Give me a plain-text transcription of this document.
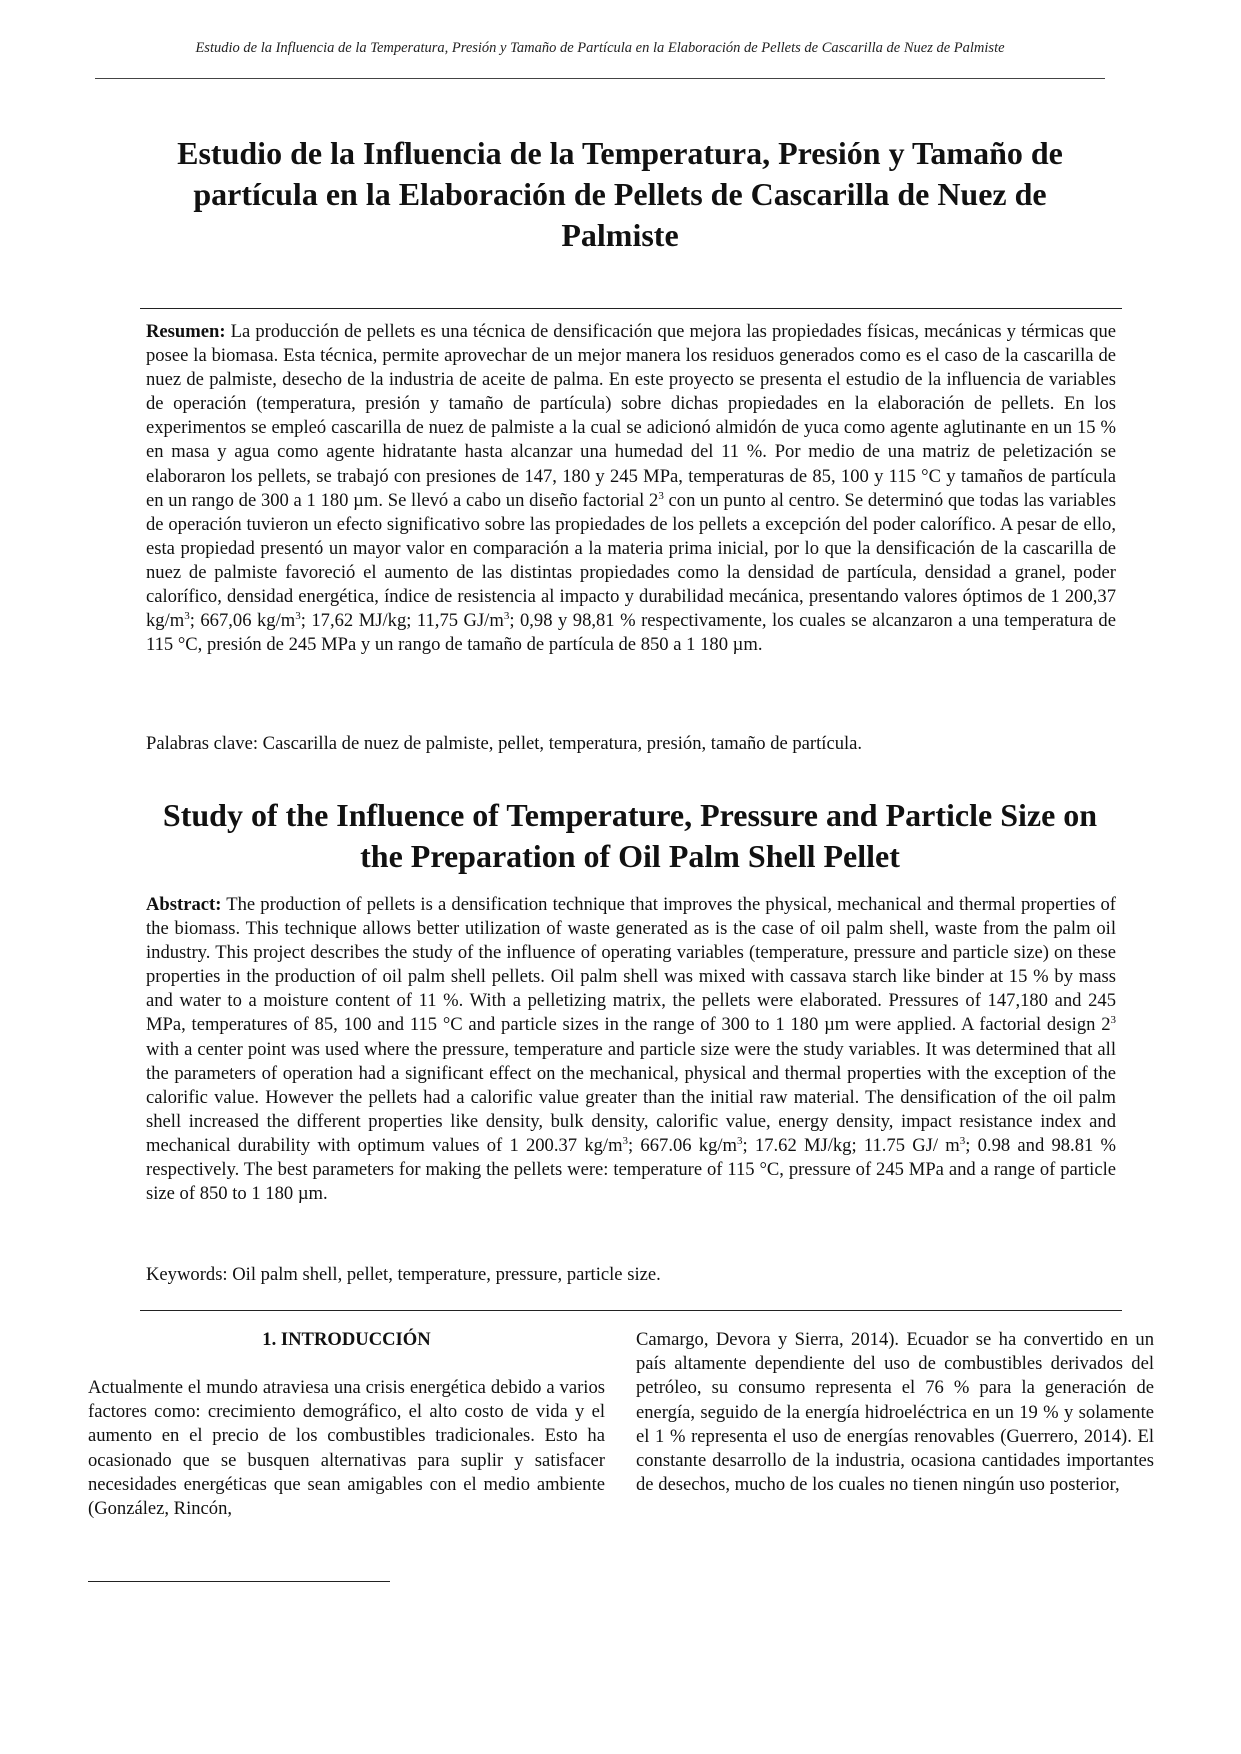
Estudio de la Influencia de la Temperatura, Presión y Tamaño de Partícula en la Elaboración de Pellets de Cascarilla de Nuez de Palmiste
Estudio de la Influencia de la Temperatura, Presión y Tamaño de partícula en la Elaboración de Pellets de Cascarilla de Nuez de Palmiste

Resumen: La producción de pellets es una técnica de densificación que mejora las propiedades físicas, mecánicas y térmicas que posee la biomasa. Esta técnica, permite aprovechar de un mejor manera los residuos generados como es el caso de la cascarilla de nuez de palmiste, desecho de la industria de aceite de palma. En este proyecto se presenta el estudio de la influencia de variables de operación (temperatura, presión y tamaño de partícula) sobre dichas propiedades en la elaboración de pellets. En los experimentos se empleó cascarilla de nuez de palmiste a la cual se adicionó almidón de yuca como agente aglutinante en un 15 % en masa y agua como agente hidratante hasta alcanzar una humedad del 11 %. Por medio de una matriz de peletización se elaboraron los pellets, se trabajó con presiones de 147, 180 y 245 MPa, temperaturas de 85, 100 y 115 °C y tamaños de partícula en un rango de 300 a 1 180 µm. Se llevó a cabo un diseño factorial $2^3$ con un punto al centro. Se determinó que todas las variables de operación tuvieron un efecto significativo sobre las propiedades de los pellets a excepción del poder calorífico. A pesar de ello, esta propiedad presentó un mayor valor en comparación a la materia prima inicial, por lo que la densificación de la cascarilla de nuez de palmiste favoreció el aumento de las distintas propiedades como la densidad de partícula, densidad a granel, poder calorífico, densidad energética, índice de resistencia al impacto y durabilidad mecánica, presentando valores óptimos de 1 200,37 $kg/m^3$; 667,06 $kg/m^3$; 17,62 MJ/kg; 11,75 $GJ/m^3$; 0,98 y 98,81 % respectivamente, los cuales se alcanzaron a una temperatura de 115 °C, presión de 245 MPa y un rango de tamaño de partícula de 850 a 1 180 µm.

Palabras clave: Cascarilla de nuez de palmiste, pellet, temperatura, presión, tamaño de partícula.

Study of the Influence of Temperature, Pressure and Particle Size on the Preparation of Oil Palm Shell Pellet

Abstract: The production of pellets is a densification technique that improves the physical, mechanical and thermal properties of the biomass. This technique allows better utilization of waste generated as is the case of oil palm shell, waste from the palm oil industry. This project describes the study of the influence of operating variables (temperature, pressure and particle size) on these properties in the production of oil palm shell pellets. Oil palm shell was mixed with cassava starch like binder at 15 % by mass and water to a moisture content of 11 %. With a pelletizing matrix, the pellets were elaborated. Pressures of 147,180 and 245 MPa, temperatures of 85, 100 and 115 °C and particle sizes in the range of 300 to 1 180 µm were applied. A factorial design $2^3$ with a center point was used where the pressure, temperature and particle size were the study variables. It was determined that all the parameters of operation had a significant effect on the mechanical, physical and thermal properties with the exception of the calorific value. However the pellets had a calorific value greater than the initial raw material. The densification of the oil palm shell increased the different properties like density, bulk density, calorific value, energy density, impact resistance index and mechanical durability with optimum values of 1 200.37 $kg/m^3$; 667.06 $kg/m^3$; 17.62 MJ/kg; 11.75 GJ/ $m^3$; 0.98 and 98.81 % respectively. The best parameters for making the pellets were: temperature of 115 °C, pressure of 245 MPa and a range of particle size of 850 to 1 180 µm.

Keywords: Oil palm shell, pellet, temperature, pressure, particle size.

1. INTRODUCCIÓN

Actualmente el mundo atraviesa una crisis energética debido a varios factores como: crecimiento demográfico, el alto costo de vida y el aumento en el precio de los combustibles tradicionales. Esto ha ocasionado que se busquen alternativas para suplir y satisfacer necesidades energéticas que sean amigables con el medio ambiente (González, Rincón,

Camargo, Devora y Sierra, 2014). Ecuador se ha convertido en un país altamente dependiente del uso de combustibles derivados del petróleo, su consumo representa el 76 % para la generación de energía, seguido de la energía hidroeléctrica en un 19 % y solamente el 1 % representa el uso de energías renovables (Guerrero, 2014). El constante desarrollo de la industria, ocasiona cantidades importantes de desechos, mucho de los cuales no tienen ningún uso posterior,
